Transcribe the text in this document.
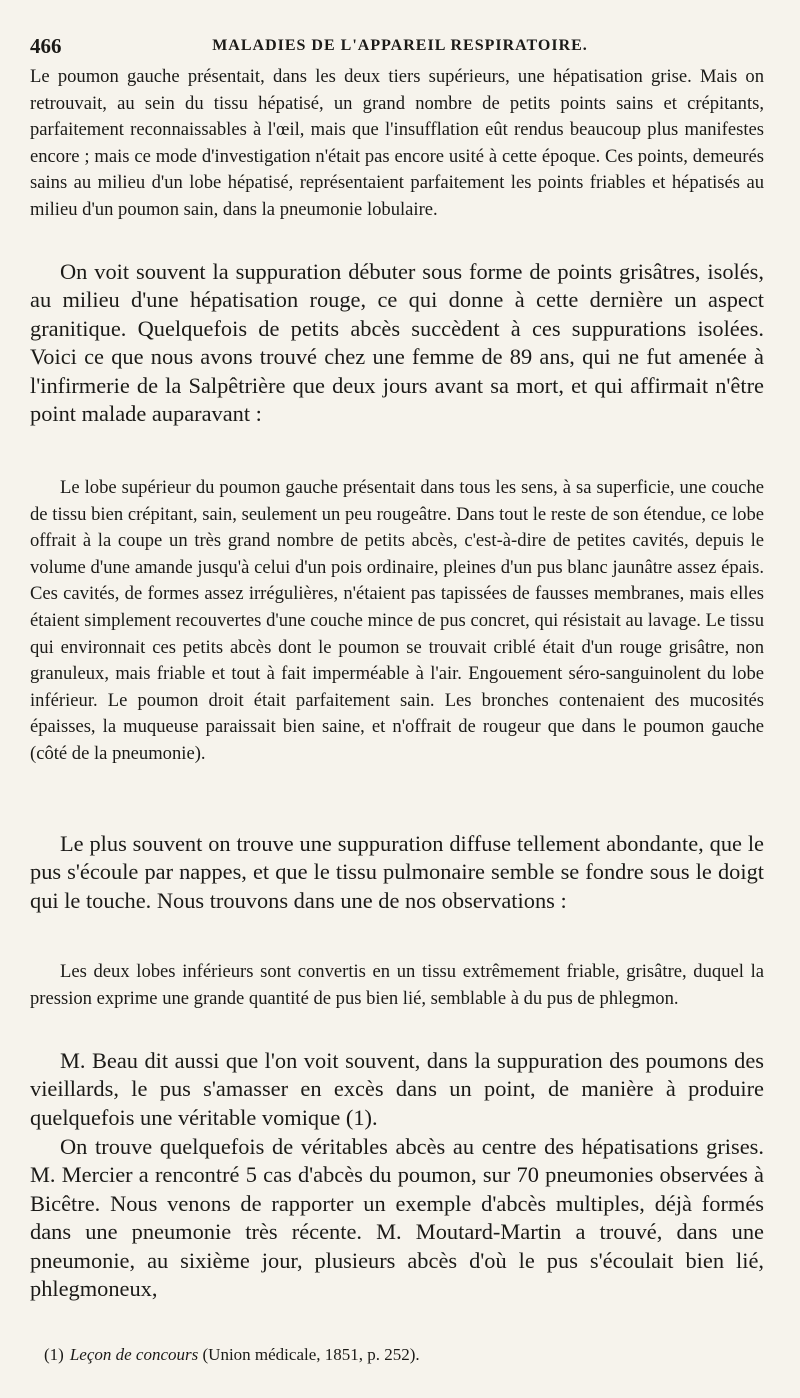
466	MALADIES DE L'APPAREIL RESPIRATOIRE.

Le poumon gauche présentait, dans les deux tiers supérieurs, une hépatisation grise. Mais on retrouvait, au sein du tissu hépatisé, un grand nombre de petits points sains et crépitants, parfaitement reconnaissables à l'œil, mais que l'insufflation eût rendus beaucoup plus manifestes encore ; mais ce mode d'investigation n'était pas encore usité à cette époque. Ces points, demeurés sains au milieu d'un lobe hépatisé, représentaient parfaitement les points friables et hépatisés au milieu d'un poumon sain, dans la pneumonie lobulaire.

On voit souvent la suppuration débuter sous forme de points grisâtres, isolés, au milieu d'une hépatisation rouge, ce qui donne à cette dernière un aspect granitique. Quelquefois de petits abcès succèdent à ces suppurations isolées. Voici ce que nous avons trouvé chez une femme de 89 ans, qui ne fut amenée à l'infirmerie de la Salpêtrière que deux jours avant sa mort, et qui affirmait n'être point malade auparavant :

Le lobe supérieur du poumon gauche présentait dans tous les sens, à sa superficie, une couche de tissu bien crépitant, sain, seulement un peu rougeâtre. Dans tout le reste de son étendue, ce lobe offrait à la coupe un très grand nombre de petits abcès, c'est-à-dire de petites cavités, depuis le volume d'une amande jusqu'à celui d'un pois ordinaire, pleines d'un pus blanc jaunâtre assez épais. Ces cavités, de formes assez irrégulières, n'étaient pas tapissées de fausses membranes, mais elles étaient simplement recouvertes d'une couche mince de pus concret, qui résistait au lavage. Le tissu qui environnait ces petits abcès dont le poumon se trouvait criblé était d'un rouge grisâtre, non granuleux, mais friable et tout à fait imperméable à l'air. Engouement séro-sanguinolent du lobe inférieur. Le poumon droit était parfaitement sain. Les bronches contenaient des mucosités épaisses, la muqueuse paraissait bien saine, et n'offrait de rougeur que dans le poumon gauche (côté de la pneumonie).

Le plus souvent on trouve une suppuration diffuse tellement abondante, que le pus s'écoule par nappes, et que le tissu pulmonaire semble se fondre sous le doigt qui le touche. Nous trouvons dans une de nos observations :

Les deux lobes inférieurs sont convertis en un tissu extrêmement friable, grisâtre, duquel la pression exprime une grande quantité de pus bien lié, semblable à du pus de phlegmon.

M. Beau dit aussi que l'on voit souvent, dans la suppuration des poumons des vieillards, le pus s'amasser en excès dans un point, de manière à produire quelquefois une véritable vomique (1).

On trouve quelquefois de véritables abcès au centre des hépatisations grises. M. Mercier a rencontré 5 cas d'abcès du poumon, sur 70 pneumonies observées à Bicêtre. Nous venons de rapporter un exemple d'abcès multiples, déjà formés dans une pneumonie très récente. M. Moutard-Martin a trouvé, dans une pneumonie, au sixième jour, plusieurs abcès d'où le pus s'écoulait bien lié, phlegmoneux,

(1) Leçon de concours (Union médicale, 1851, p. 252).
